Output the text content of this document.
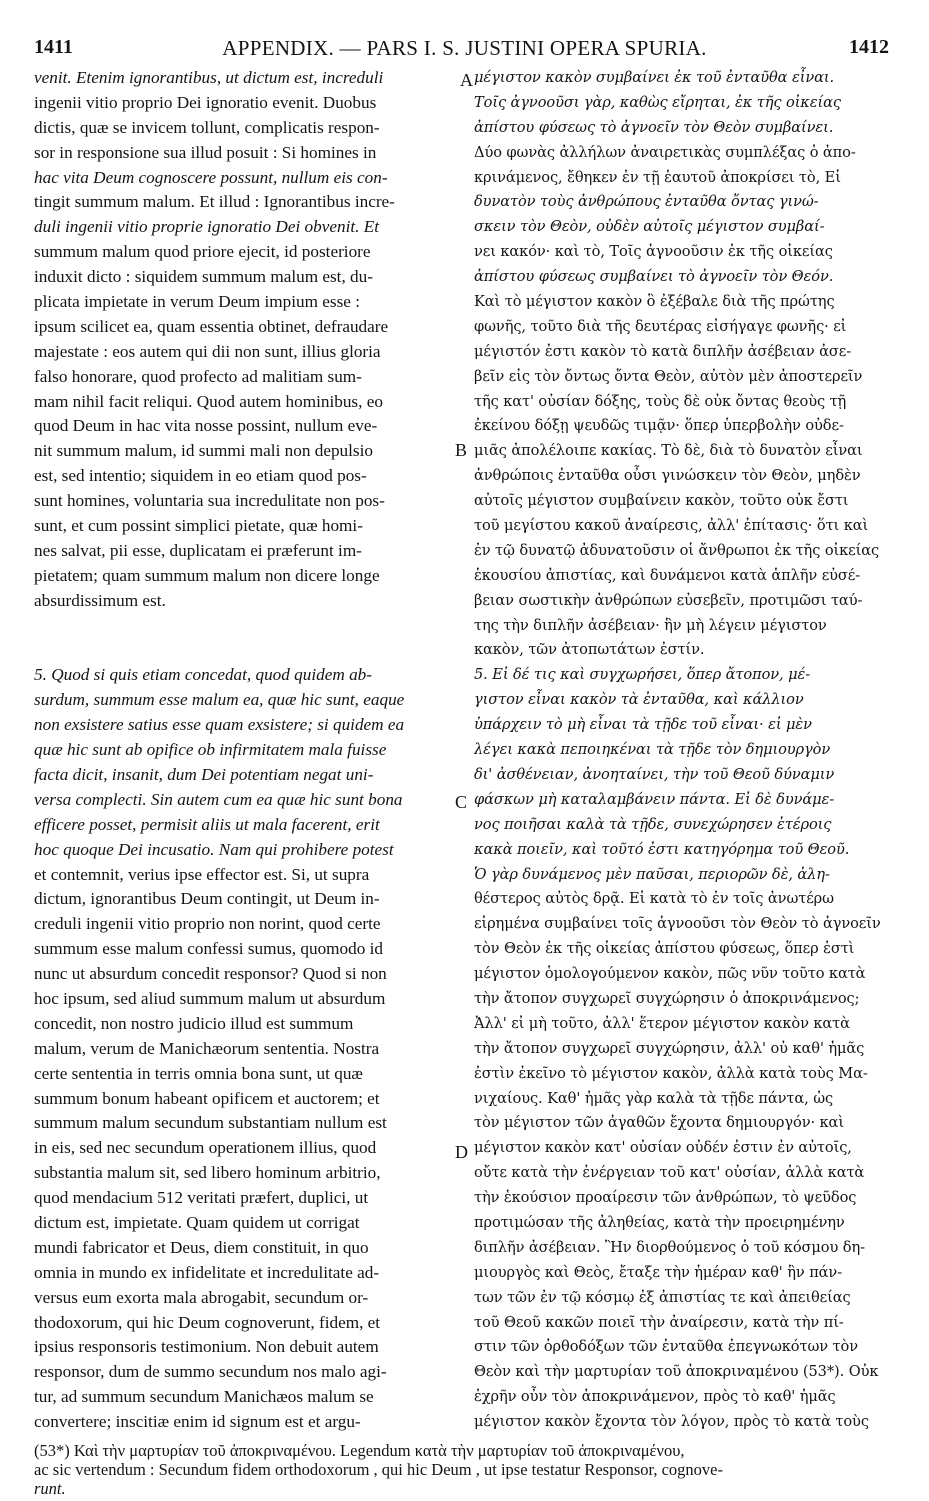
1411	APPENDIX. — PARS I. S. JUSTINI OPERA SPURIA.	1412
venit. Etenim ignorantibus, ut dictum est, increduli
ingenii vitio proprio Dei ignoratio evenit. Duobus
dictis, quæ se invicem tollunt, complicatis respon-
sor in responsione sua illud posuit : Si homines in
hac vita Deum cognoscere possunt, nullum eis con-
tingit summum malum. Et illud : Ignorantibus incre-
duli ingenii vitio proprie ignoratio Dei obvenit. Et
summum malum quod priore ejecit, id posteriore
induxit dicto : siquidem summum malum est, du-
plicata impietate in verum Deum impium esse :
ipsum scilicet ea, quam essentia obtinet, defraudare
majestate : eos autem qui dii non sunt, illius gloria
falso honorare, quod profecto ad malitiam sum-
mam nihil facit reliqui. Quod autem hominibus, eo
quod Deum in hac vita nosse possint, nullum eve-
nit summum malum, id summi mali non depulsio
est, sed intentio; siquidem in eo etiam quod pos-
sunt homines, voluntaria sua incredulitate non pos-
sunt, et cum possint simplici pietate, quæ homi-
nes salvat, pii esse, duplicatam ei præferunt im-
pietatem; quam summum malum non dicere longe
absurdissimum est.
5. Quod si quis etiam concedat, quod quidem ab-
surdum, summum esse malum ea, quæ hic sunt, eaque
non exsistere satius esse quam exsistere; si quidem ea
quæ hic sunt ab opifice ob infirmitatem mala fuisse
facta dicit, insanit, dum Dei potentiam negat uni-
versa complecti. Sin autem cum ea quæ hic sunt bona
efficere posset, permisit aliis ut mala facerent, erit
hoc quoque Dei incusatio. Nam qui prohibere potest
et contemnit, verius ipse effector est. Si, ut supra
dictum, ignorantibus Deum contingit, ut Deum in-
creduli ingenii vitio proprio non norint, quod certe
summum esse malum confessi sumus, quomodo id
nunc ut absurdum concedit responsor? Quod si non
hoc ipsum, sed aliud summum malum ut absurdum
concedit, non nostro judicio illud est summum
malum, verum de Manichæorum sententia. Nostra
certe sententia in terris omnia bona sunt, ut quæ
summum bonum habeant opificem et auctorem; et
summum malum secundum substantiam nullum est
in eis, sed nec secundum operationem illius, quod
substantia malum sit, sed libero hominum arbitrio,
quod mendacium 512 veritati præfert, duplici, ut
dictum est, impietate. Quam quidem ut corrigat
mundi fabricator et Deus, diem constituit, in quo
omnia in mundo ex infidelitate et incredulitate ad-
versus eum exorta mala abrogabit, secundum or-
thodoxorum, qui hic Deum cognoverunt, fidem, et
ipsius responsoris testimonium. Non debuit autem
responsor, dum de summo secundum nos malo agi-
tur, ad summum secundum Manichæos malum se
convertere; inscitiæ enim id signum est et argu-
μέγιστον κακὸν συμβαίνει ἐκ τοῦ ἐνταῦθα εἶναι.
Τοῖς ἀγνοοῦσι γὰρ, καθὼς εἴρηται, ἐκ τῆς οἰκείας
ἀπίστου φύσεως τὸ ἀγνοεῖν τὸν Θεὸν συμβαίνει.
Δύο φωνὰς ἀλλήλων ἀναιρετικὰς συμπλέξας ὁ ἀπο-
κρινάμενος, ἔθηκεν ἐν τῇ ἑαυτοῦ ἀποκρίσει τὸ, Εἰ
δυνατὸν τοὺς ἀνθρώπους ἐνταῦθα ὄντας γινώ-
σκειν τὸν Θεὸν, οὐδὲν αὐτοῖς μέγιστον συμβαί-
νει κακόν· καὶ τὸ, Τοῖς ἀγνοοῦσιν ἐκ τῆς οἰκείας
ἀπίστου φύσεως συμβαίνει τὸ ἀγνοεῖν τὸν Θεόν.
Καὶ τὸ μέγιστον κακὸν ὃ ἐξέβαλε διὰ τῆς πρώτης
φωνῆς, τοῦτο διὰ τῆς δευτέρας εἰσήγαγε φωνῆς· εἰ
μέγιστόν ἐστι κακὸν τὸ κατὰ διπλῆν ἀσέβειαν ἀσε-
βεῖν εἰς τὸν ὄντως ὄντα Θεὸν, αὐτὸν μὲν ἀποστερεῖν
τῆς κατ' οὐσίαν δόξης, τοὺς δὲ οὐκ ὄντας θεοὺς τῇ
ἐκείνου δόξῃ ψευδῶς τιμᾷν· ὅπερ ὑπερβολὴν οὐδε-
μιᾶς ἀπολέλοιπε κακίας. Τὸ δὲ, διὰ τὸ δυνατὸν εἶναι
ἀνθρώποις ἐνταῦθα οὖσι γινώσκειν τὸν Θεὸν, μηδὲν
αὐτοῖς μέγιστον συμβαίνειν κακὸν, τοῦτο οὐκ ἔστι
τοῦ μεγίστου κακοῦ ἀναίρεσις, ἀλλ' ἐπίτασις· ὅτι καὶ
ἐν τῷ δυνατῷ ἀδυνατοῦσιν οἱ ἄνθρωποι ἐκ τῆς οἰκείας
ἑκουσίου ἀπιστίας, καὶ δυνάμενοι κατὰ ἁπλῆν εὐσέ-
βειαν σωστικὴν ἀνθρώπων εὐσεβεῖν, προτιμῶσι ταύ-
της τὴν διπλῆν ἀσέβειαν· ἣν μὴ λέγειν μέγιστον
κακὸν, τῶν ἀτοπωτάτων ἐστίν.
5. Εἰ δέ τις καὶ συγχωρήσει, ὅπερ ἄτοπον, μέ-
γιστον εἶναι κακὸν τὰ ἐνταῦθα, καὶ κάλλιον
ὑπάρχειν τὸ μὴ εἶναι τὰ τῇδε τοῦ εἶναι· εἰ μὲν
λέγει κακὰ πεποιηκέναι τὰ τῇδε τὸν δημιουργὸν
δι' ἀσθένειαν, ἀνοηταίνει, τὴν τοῦ Θεοῦ δύναμιν
φάσκων μὴ καταλαμβάνειν πάντα. Εἰ δὲ δυνάμε-
νος ποιῆσαι καλὰ τὰ τῇδε, συνεχώρησεν ἑτέροις
κακὰ ποιεῖν, καὶ τοῦτό ἐστι κατηγόρημα τοῦ Θεοῦ.
Ὁ γὰρ δυνάμενος μὲν παῦσαι, περιορῶν δὲ, ἀλη-
θέστερος αὐτὸς δρᾷ. Εἰ κατὰ τὸ ἐν τοῖς ἀνωτέρω
εἰρημένα συμβαίνει τοῖς ἀγνοοῦσι τὸν Θεὸν τὸ ἀγνοεῖν
τὸν Θεὸν ἐκ τῆς οἰκείας ἀπίστου φύσεως, ὅπερ ἐστὶ
μέγιστον ὁμολογούμενον κακὸν, πῶς νῦν τοῦτο κατὰ
τὴν ἄτοπον συγχωρεῖ συγχώρησιν ὁ ἀποκρινάμενος;
Ἀλλ' εἰ μὴ τοῦτο, ἀλλ' ἕτερον μέγιστον κακὸν κατὰ
τὴν ἄτοπον συγχωρεῖ συγχώρησιν, ἀλλ' οὐ καθ' ἡμᾶς
ἐστὶν ἐκεῖνο τὸ μέγιστον κακὸν, ἀλλὰ κατὰ τοὺς Μα-
νιχαίους. Καθ' ἡμᾶς γὰρ καλὰ τὰ τῇδε πάντα, ὡς
τὸν μέγιστον τῶν ἀγαθῶν ἔχοντα δημιουργόν· καὶ
μέγιστον κακὸν κατ' οὐσίαν οὐδέν ἐστιν ἐν αὐτοῖς,
οὔτε κατὰ τὴν ἐνέργειαν τοῦ κατ' οὐσίαν, ἀλλὰ κατὰ
τὴν ἑκούσιον προαίρεσιν τῶν ἀνθρώπων, τὸ ψεῦδος
προτιμώσαν τῆς ἀληθείας, κατὰ τὴν προειρημένην
διπλῆν ἀσέβειαν. Ἣν διορθούμενος ὁ τοῦ κόσμου δη-
μιουργὸς καὶ Θεὸς, ἔταξε τὴν ἡμέραν καθ' ἣν πάν-
των τῶν ἐν τῷ κόσμῳ ἐξ ἀπιστίας τε καὶ ἀπειθείας
τοῦ Θεοῦ κακῶν ποιεῖ τὴν ἀναίρεσιν, κατὰ τὴν πί-
στιν τῶν ὀρθοδόξων τῶν ἐνταῦθα ἐπεγνωκότων τὸν
Θεὸν καὶ τὴν μαρτυρίαν τοῦ ἀποκριναμένου (53*). Οὐκ
ἐχρῆν οὖν τὸν ἀποκρινάμενον, πρὸς τὸ καθ' ἡμᾶς
μέγιστον κακὸν ἔχοντα τὸν λόγον, πρὸς τὸ κατὰ τοὺς
A
B
C
D
(53*) Καὶ τὴν μαρτυρίαν τοῦ ἀποκριναμένου. Legendum κατὰ τὴν μαρτυρίαν τοῦ ἀποκριναμένου,
ac sic vertendum : Secundum fidem orthodoxorum , qui hic Deum , ut ipse testatur Responsor, cognove-
runt.
